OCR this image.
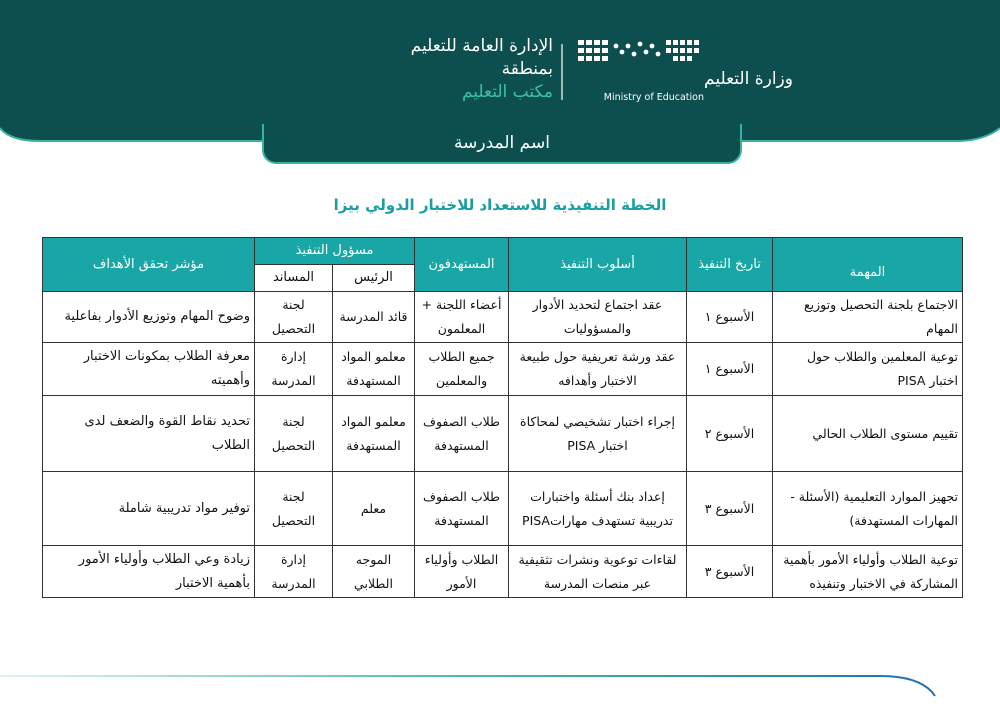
وزارة التعليم
Ministry of Education
الإدارة العامة للتعليم
بمنطقة
مكتب التعليم
اسم المدرسة
الخطة التنفيذية للاستعداد للاختبار الدولي بيزا
المهمة	تاريخ التنفيذ	أسلوب التنفيذ	المستهدفون	مسؤول التنفيذ		مؤشر تحقق الأهداف
				الرئيس	المساند	
الاجتماع بلجنة التحصيل وتوزيع المهام	الأسبوع ١	عقد اجتماع لتحديد الأدوار والمسؤوليات	أعضاء اللجنة + المعلمون	قائد المدرسة	لجنة التحصيل	وضوح المهام وتوزيع الأدوار بفاعلية
توعية المعلمين والطلاب حول اختبار PISA	الأسبوع ١	عقد ورشة تعريفية حول طبيعة الاختبار وأهدافه	جميع الطلاب والمعلمين	معلمو المواد المستهدفة	إدارة المدرسة	معرفة الطلاب بمكونات الاختبار وأهميته
تقييم مستوى الطلاب الحالي	الأسبوع ٢	إجراء اختبار تشخيصي لمحاكاة اختبار PISA	طلاب الصفوف المستهدفة	معلمو المواد المستهدفة	لجنة التحصيل	تحديد نقاط القوة والضعف لدى الطلاب
تجهيز الموارد التعليمية (الأسئلة - المهارات المستهدفة)	الأسبوع ٣	إعداد بنك أسئلة واختبارات تدريبية تستهدف مهاراتPISA	طلاب الصفوف المستهدفة	معلم	لجنة التحصيل	توفير مواد تدريبية شاملة
توعية الطلاب وأولياء الأمور بأهمية المشاركة في الاختبار وتنفيذه	الأسبوع ٣	لقاءات توعوية ونشرات تثقيفية عبر منصات المدرسة	الطلاب وأولياء الأمور	الموجه الطلابي	إدارة المدرسة	زيادة وعي الطلاب وأولياء الأمور بأهمية الاختبار
